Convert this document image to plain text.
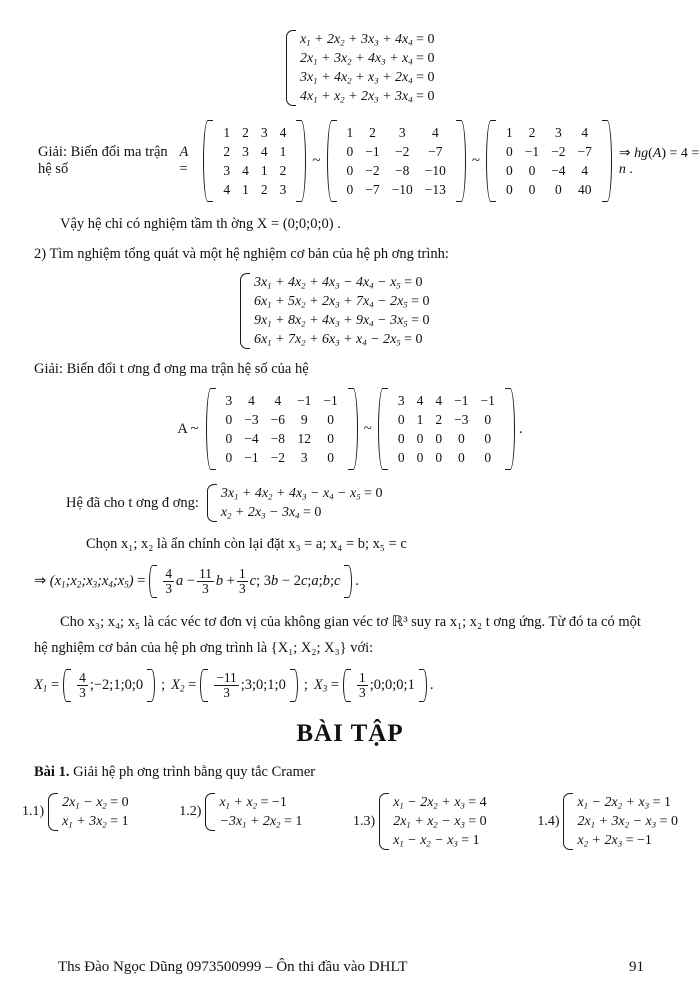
$x_1 + 2x_2 + 3x_3 + 4x_4 = 0$
$2x_1 + 3x_2 + 4x_3 + x_4 = 0$
$3x_1 + 4x_2 + x_3 + 2x_4 = 0$
$4x_1 + x_2 + 2x_3 + 3x_4 = 0$
Giải: Biến đổi ma trận hệ số
A =
1 2 3 4
2 3 4 1
3 4 1 2
4 1 2 3
~
1	2	3	4
0 −1	−2	−7
0 −2	−8	−10
0 −7 −10 −13
~
1	2	3	4
0 −1 −2 −7
0	0	−4	4
0	0	0	40
⇒ hg(A) = 4 = n .
Vậy hệ chỉ có nghiệm tầm th ờng X = (0;0;0;0) .
2) Tìm nghiệm tổng quát và một hệ nghiệm cơ bản của hệ ph ơng trình:
$3x_1 + 4x_2 + 4x_3 - 4x_4 - x_5 = 0$
$6x_1 + 5x_2 + 2x_3 + 7x_4 - 2x_5 = 0$
$9x_1 + 8x_2 + 4x_3 + 9x_4 - 3x_5 = 0$
$6x_1 + 7x_2 + 6x_3 + x_4 - 2x_5 = 0$
Giải: Biến đổi t ơng đ ơng ma trận hệ số của hệ
A ~
3	4	4	−1 −1
0 −3 −6	9	0
0 −4 −8 12	0
0 −1 −2	3	0
~
3 4 4 −1 −1
0 1 2 −3	0
0 0 0	0	0
0 0 0	0	0
.
Hệ đã cho t ơng đ ơng:
$3x_1 + 4x_2 + 4x_3 - x_4 - x_5 = 0$
$x_2 + 2x_3 - 3x_4 = 0$
Chọn x₁; x₂ là ẩn chính còn lại đặt x₃ = a; x₄ = b; x₅ = c
⇒ $(x_1;x_2;x_3;x_4;x_5) = \frac{4}{3}$ $a - \frac{11}{3}$ $b + \frac{1}{3}$ c ; 3 b − 2 c ; a ; b ; c .
Cho x₃; x₄; x₅ là các véc tơ đơn vị của không gian véc tơ ℝ³ suy ra x₁; x₂ t ơng ứng. Từ đó ta có một
hệ nghiệm cơ bản của hệ ph ơng trình là {X₁; X₂; X₃} với:
$X_1 = \frac{4}{3}$ ;−2;1;0;0	; $X_2 = \frac{-11}{3}$ ;3;0;1;0	; $X_3 = \frac{1}{3}$ ;0;0;0;1 .
BÀI TẬP
Bài 1. Giải hệ ph ơng trình bằng quy tắc Cramer
1.1)
$2x_1 - x_2 = 0$
$x_1 + 3x_2 = 1$
1.2)
$x_1 + x_2 = -1$
$-3x_1 + 2x_2 = 1$	1.3)
$x_1 - 2x_2 + x_3 = 4$
$2x_1 + x_2 - x_3 = 0$
$x_1 - x_2 - x_3 = 1$
1.4)
$x_1 - 2x_2 + x_3 = 1$
$2x_1 + 3x_2 - x_3 = 0$
$x_2 + 2x_3 = -1$
Ths Đào Ngọc Dũng 0973500999 – Ôn thi đầu vào DHLT	91
